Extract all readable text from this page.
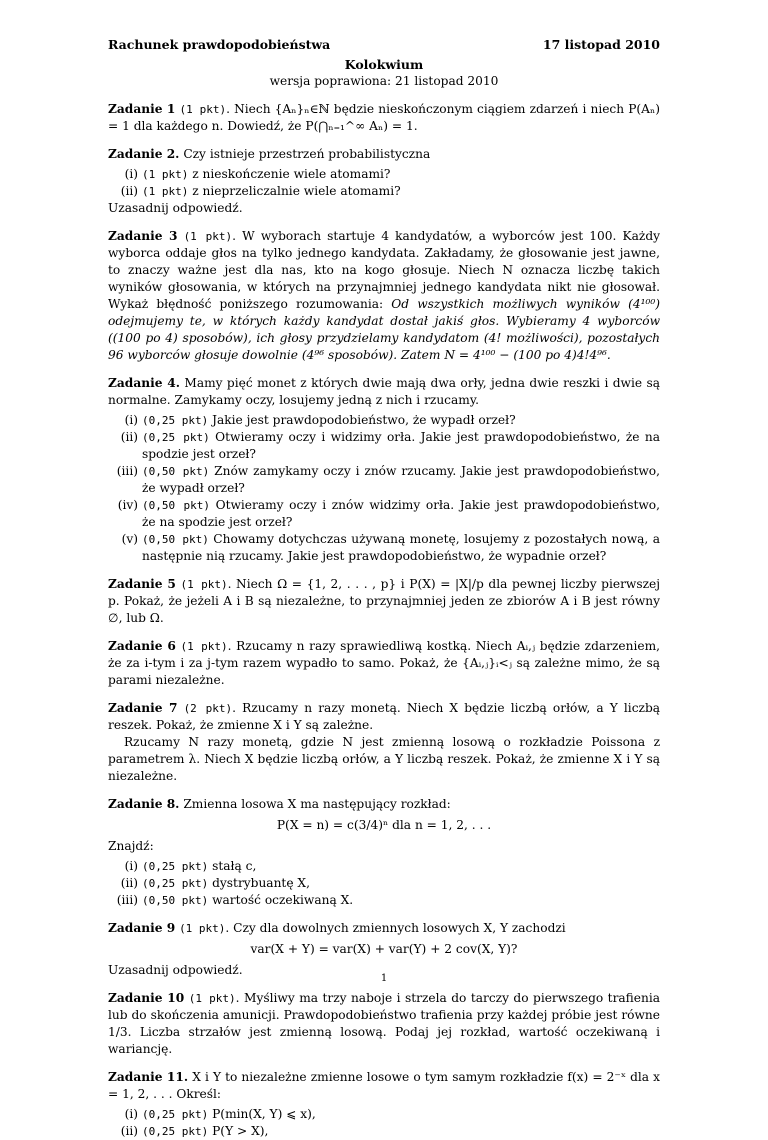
Rachunek prawdopodobieństwa	17 listopad 2010
Kolokwium
wersja poprawiona: 21 listopad 2010

Zadanie 1 (1 pkt). Niech {Aₙ}ₙ∈ℕ będzie nieskończonym ciągiem zdarzeń i niech P(Aₙ) = 1 dla każdego n. Dowiedź, że P(⋂ₙ₌₁^∞ Aₙ) = 1.

Zadanie 2. Czy istnieje przestrzeń probabilistyczna

(i) (1 pkt) z nieskończenie wiele atomami?
(ii) (1 pkt) z nieprzeliczalnie wiele atomami?

Uzasadnij odpowiedź.

Zadanie 3 (1 pkt). W wyborach startuje 4 kandydatów, a wyborców jest 100. Każdy wyborca oddaje głos na tylko jednego kandydata. Zakładamy, że głosowanie jest jawne, to znaczy ważne jest dla nas, kto na kogo głosuje. Niech N oznacza liczbę takich wyników głosowania, w których na przynajmniej jednego kandydata nikt nie głosował. Wykaż błędność poniższego rozumowania: Od wszystkich możliwych wyników (4¹⁰⁰) odejmujemy te, w których każdy kandydat dostał jakiś głos. Wybieramy 4 wyborców ((100 po 4) sposobów), ich głosy przydzielamy kandydatom (4! możliwości), pozostałych 96 wyborców głosuje dowolnie (4⁹⁶ sposobów). Zatem N = 4¹⁰⁰ − (100 po 4)4!4⁹⁶.

Zadanie 4. Mamy pięć monet z których dwie mają dwa orły, jedna dwie reszki i dwie są normalne. Zamykamy oczy, losujemy jedną z nich i rzucamy.

(i) (0,25 pkt) Jakie jest prawdopodobieństwo, że wypadł orzeł?
(ii) (0,25 pkt) Otwieramy oczy i widzimy orła. Jakie jest prawdopodobieństwo, że na spodzie jest orzeł?
(iii) (0,50 pkt) Znów zamykamy oczy i znów rzucamy. Jakie jest prawdopodobieństwo, że wypadł orzeł?
(iv) (0,50 pkt) Otwieramy oczy i znów widzimy orła. Jakie jest prawdopodobieństwo, że na spodzie jest orzeł?
(v) (0,50 pkt) Chowamy dotychczas używaną monetę, losujemy z pozostałych nową, a następnie nią rzucamy. Jakie jest prawdopodobieństwo, że wypadnie orzeł?

Zadanie 5 (1 pkt). Niech Ω = {1, 2, . . . , p} i P(X) = |X|/p dla pewnej liczby pierwszej p. Pokaż, że jeżeli A i B są niezależne, to przynajmniej jeden ze zbiorów A i B jest równy ∅, lub Ω.

Zadanie 6 (1 pkt). Rzucamy n razy sprawiedliwą kostką. Niech Aᵢ,ⱼ będzie zdarzeniem, że za i-tym i za j-tym razem wypadło to samo. Pokaż, że {Aᵢ,ⱼ}ᵢ<ⱼ są zależne mimo, że są parami niezależne.

Zadanie 7 (2 pkt). Rzucamy n razy monetą. Niech X będzie liczbą orłów, a Y liczbą reszek. Pokaż, że zmienne X i Y są zależne.

Rzucamy N razy monetą, gdzie N jest zmienną losową o rozkładzie Poissona z parametrem λ. Niech X będzie liczbą orłów, a Y liczbą reszek. Pokaż, że zmienne X i Y są niezależne.

Zadanie 8. Zmienna losowa X ma następujący rozkład:

P(X = n) = c(3/4)ⁿ dla n = 1, 2, . . .

Znajdź:

(i) (0,25 pkt) stałą c,
(ii) (0,25 pkt) dystrybuantę X,
(iii) (0,50 pkt) wartość oczekiwaną X.

Zadanie 9 (1 pkt). Czy dla dowolnych zmiennych losowych X, Y zachodzi

var(X + Y) = var(X) + var(Y) + 2 cov(X, Y)?

Uzasadnij odpowiedź.

Zadanie 10 (1 pkt). Myśliwy ma trzy naboje i strzela do tarczy do pierwszego trafienia lub do skończenia amunicji. Prawdopodobieństwo trafienia przy każdej próbie jest równe 1/3. Liczba strzałów jest zmienną losową. Podaj jej rozkład, wartość oczekiwaną i wariancję.

Zadanie 11. X i Y to niezależne zmienne losowe o tym samym rozkładzie f(x) = 2⁻ˣ dla x = 1, 2, . . . Określ:

(i) (0,25 pkt) P(min(X, Y) ⩽ x),
(ii) (0,25 pkt) P(Y > X),
1
